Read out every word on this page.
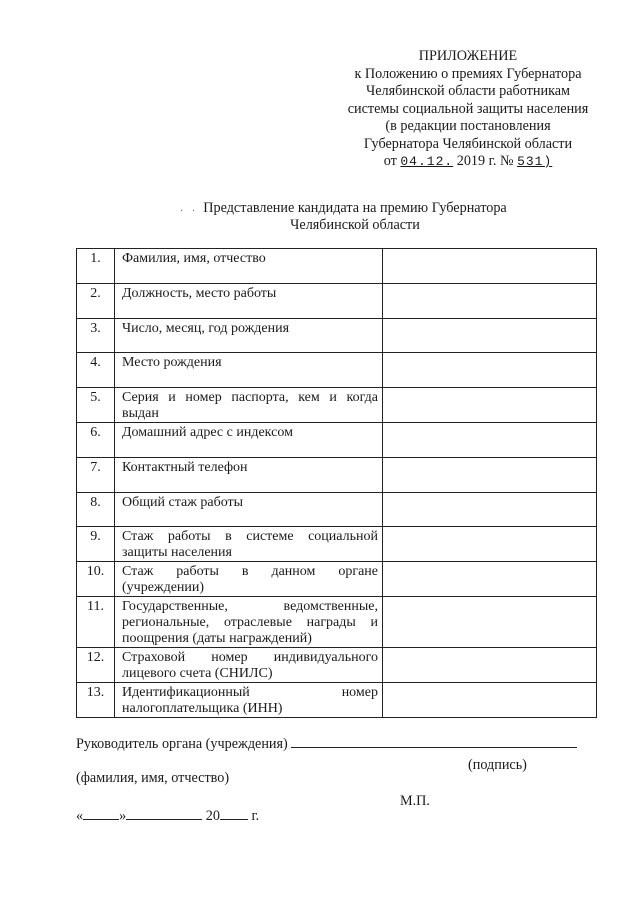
ПРИЛОЖЕНИЕ
к Положению о премиях Губернатора
Челябинской области работникам
системы социальной защиты населения
(в редакции постановления
Губернатора Челябинской области
от 04.12. 2019 г. № 531)
· · Представление кандидата на премию Губернатора
Челябинской области
1.	Фамилия, имя, отчество	
2.	Должность, место работы	
3.	Число, месяц, год рождения	
4.	Место рождения	
5.	Серия и номер паспорта, кем и когда выдан	
6.	Домашний адрес с индексом	
7.	Контактный телефон	
8.	Общий стаж работы	
9.	Стаж работы в системе социальной защиты населения	
10.	Стаж работы в данном органе (учреждении)	
11.	Государственные, ведомственные, региональные, отраслевые награды и поощрения (даты награждений)	
12.	Страховой номер индивидуального лицевого счета (СНИЛС)	
13.	Идентификационный номер налогоплательщика (ИНН)	
Руководитель органа (учреждения)
(подпись)
(фамилия, имя, отчество)
М.П.
«	»	20 г.
